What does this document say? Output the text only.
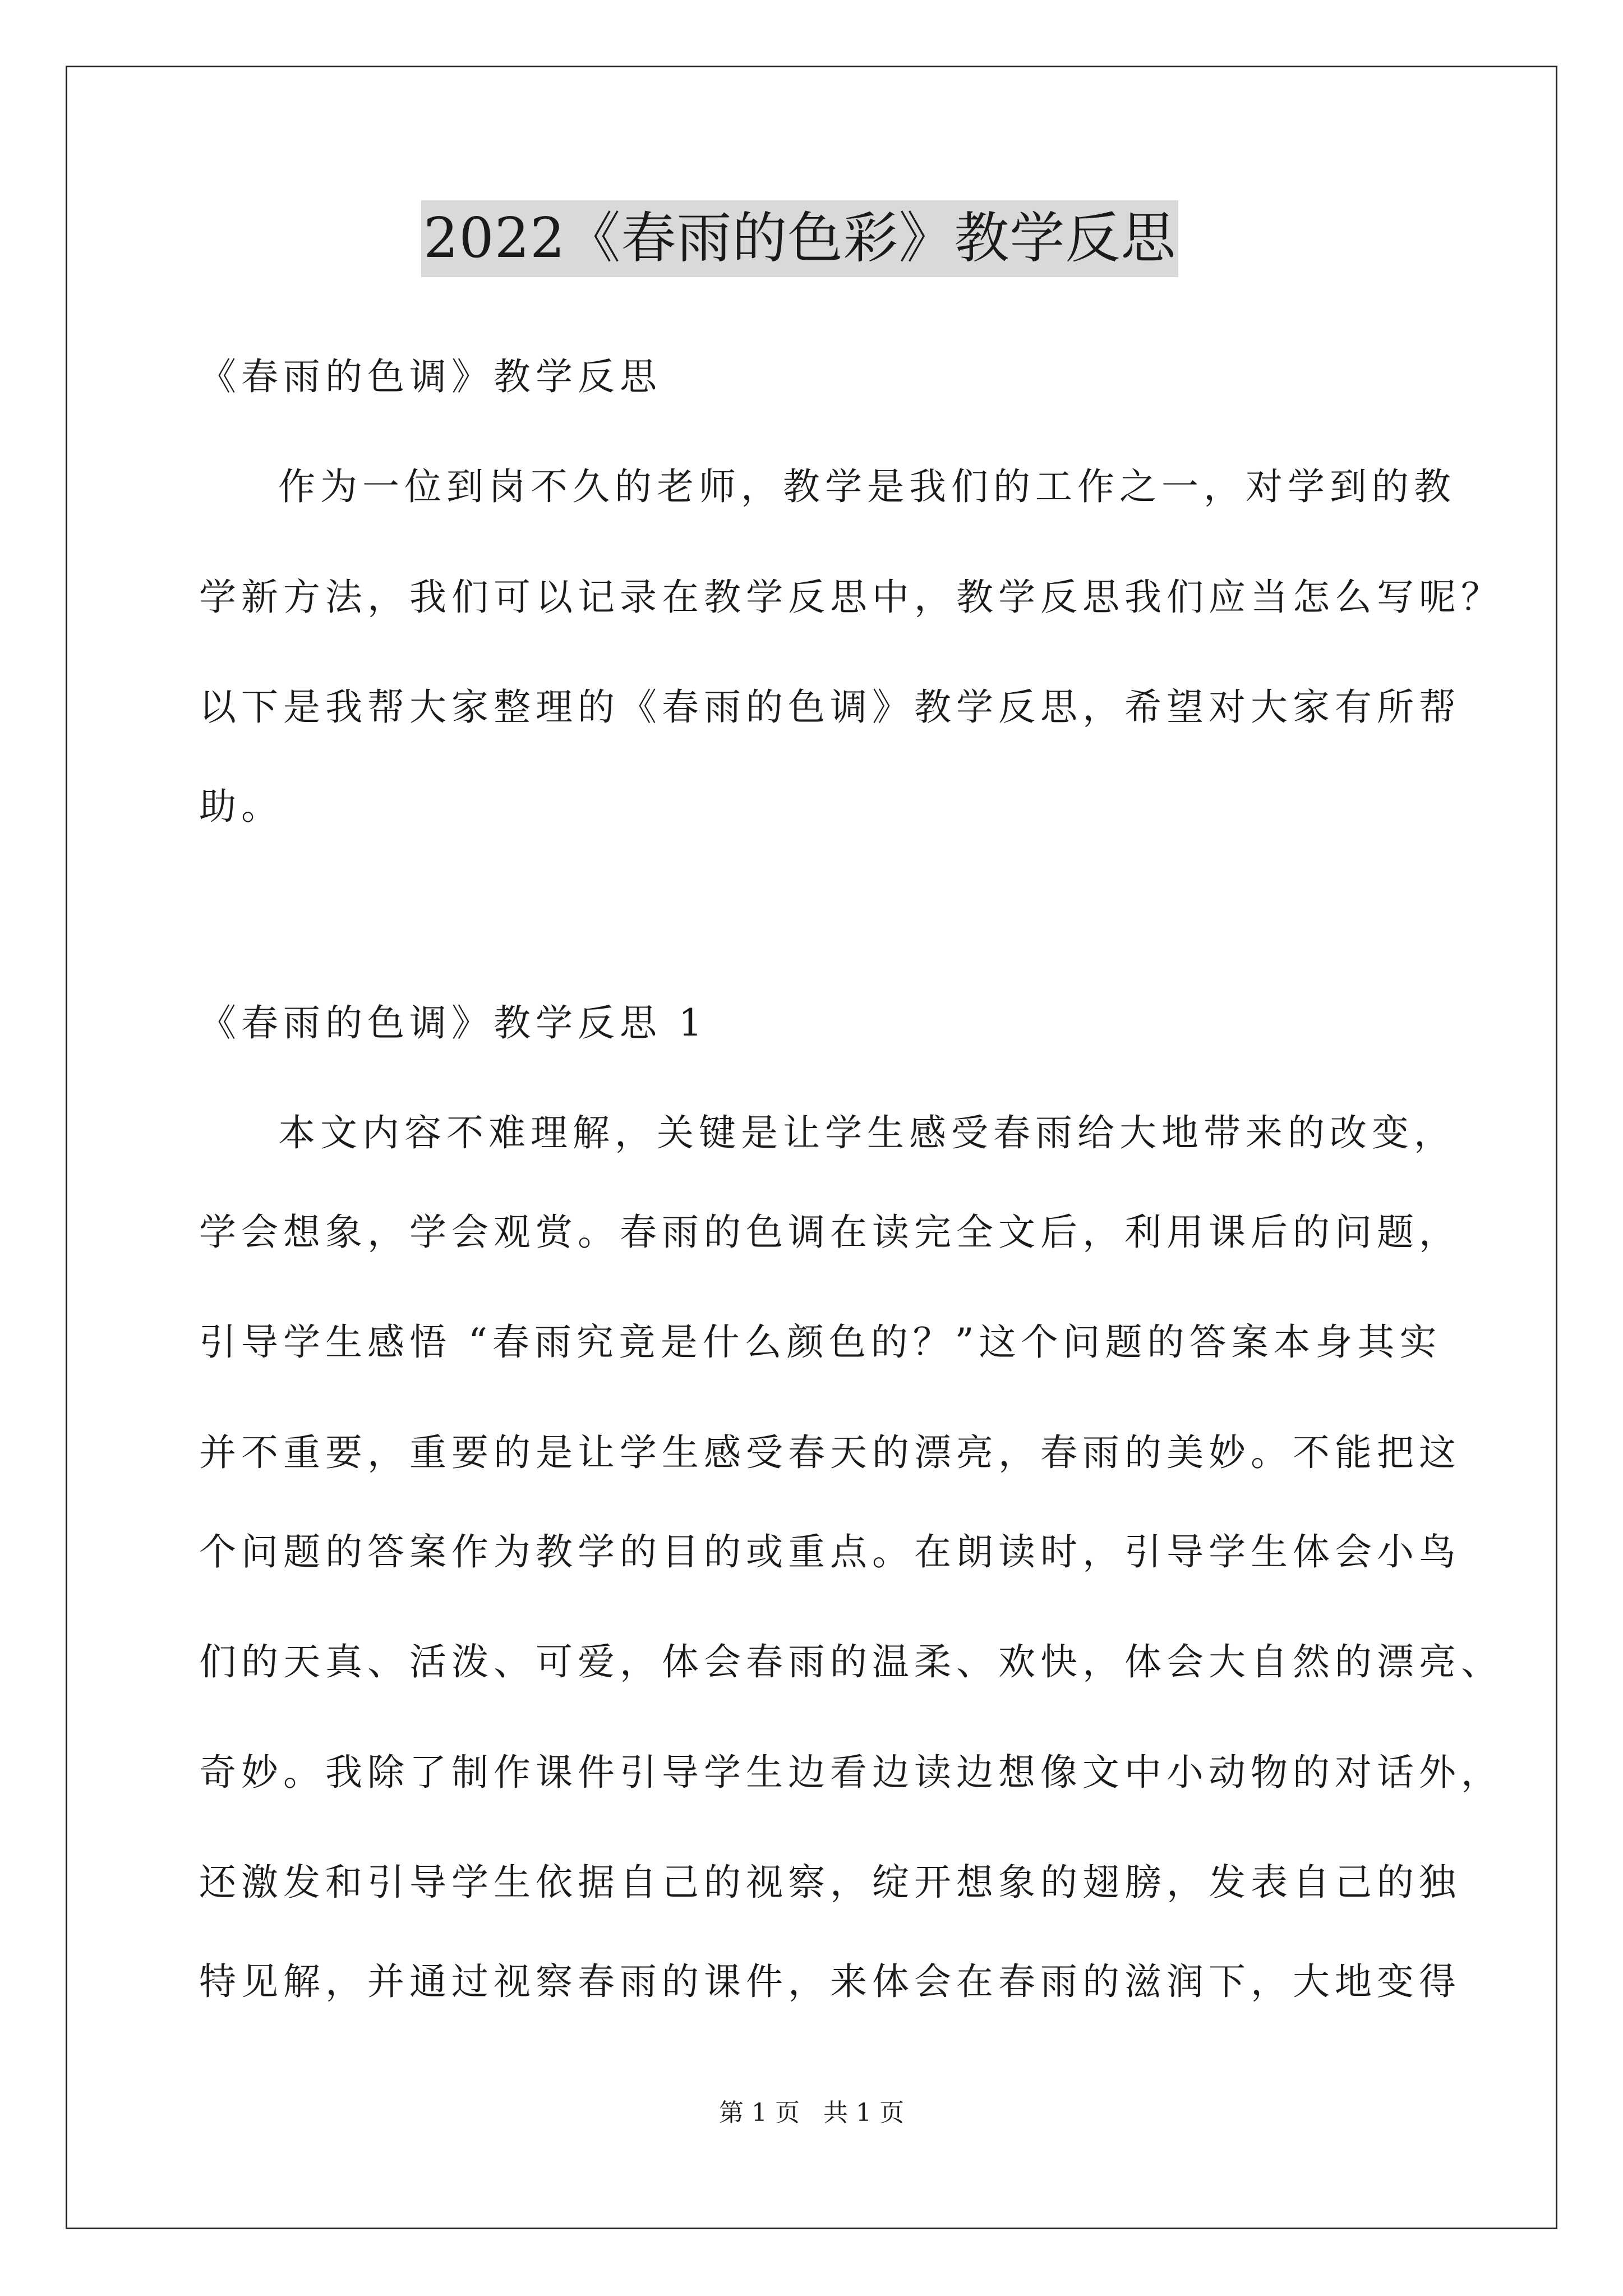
2022《春雨的色彩》教学反思
《春雨的色调》教学反思
作为一位到岗不久的老师，教学是我们的工作之一，对学到的教
学新方法，我们可以记录在教学反思中，教学反思我们应当怎么写呢？
以下是我帮大家整理的《春雨的色调》教学反思，希望对大家有所帮
助。
《春雨的色调》教学反思 1
本文内容不难理解，关键是让学生感受春雨给大地带来的改变，
学会想象，学会观赏。春雨的色调在读完全文后，利用课后的问题，
引导学生感悟 “春雨究竟是什么颜色的？”这个问题的答案本身其实
并不重要，重要的是让学生感受春天的漂亮，春雨的美妙。不能把这
个问题的答案作为教学的目的或重点。在朗读时，引导学生体会小鸟
们的天真、活泼、可爱，体会春雨的温柔、欢快，体会大自然的漂亮、
奇妙。我除了制作课件引导学生边看边读边想像文中小动物的对话外，
还激发和引导学生依据自己的视察，绽开想象的翅膀，发表自己的独
特见解，并通过视察春雨的课件，来体会在春雨的滋润下，大地变得
第 1 页   共 1 页
